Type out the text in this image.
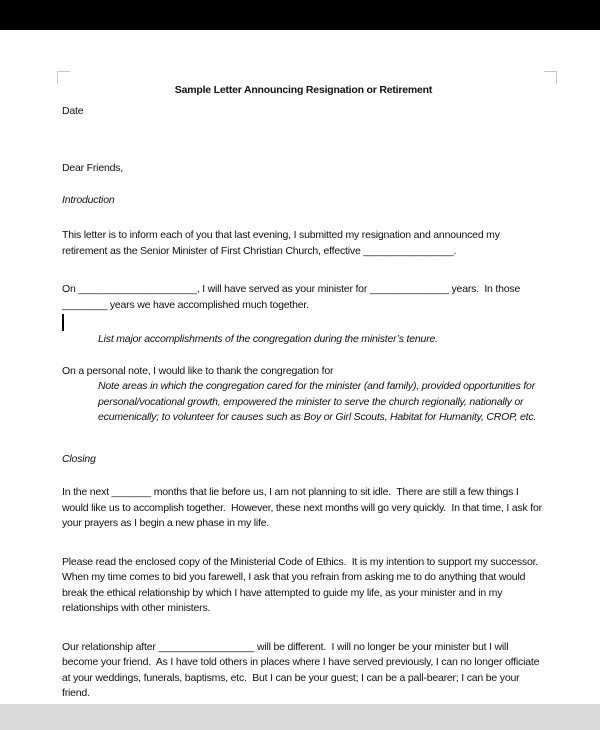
Sample Letter Announcing Resignation or Retirement

Date

Dear Friends,

Introduction

This letter is to inform each of you that last evening, I submitted my resignation and announced my retirement as the Senior Minister of First Christian Church, effective ________________.

On _____________________, I will have served as your minister for ______________ years.  In those ________ years we have accomplished much together.

List major accomplishments of the congregation during the minister’s tenure.

On a personal note, I would like to thank the congregation for

Note areas in which the congregation cared for the minister (and family), provided opportunities for personal/vocational growth, empowered the minister to serve the church regionally, nationally or ecumenically; to volunteer for causes such as Boy or Girl Scouts, Habitat for Humanity, CROP, etc.

Closing

In the next _______ months that lie before us, I am not planning to sit idle.  There are still a few things I would like us to accomplish together.  However, these next months will go very quickly.  In that time, I ask for your prayers as I begin a new phase in my life.

Please read the enclosed copy of the Ministerial Code of Ethics.  It is my intention to support my successor.  When my time comes to bid you farewell, I ask that you refrain from asking me to do anything that would break the ethical relationship by which I have attempted to guide my life, as your minister and in my relationships with other ministers.

Our relationship after _________________ will be different.  I will no longer be your minister but I will become your friend.  As I have told others in places where I have served previously, I can no longer officiate at your weddings, funerals, baptisms, etc.  But I can be your guest; I can be a pall-bearer; I can be your friend.
